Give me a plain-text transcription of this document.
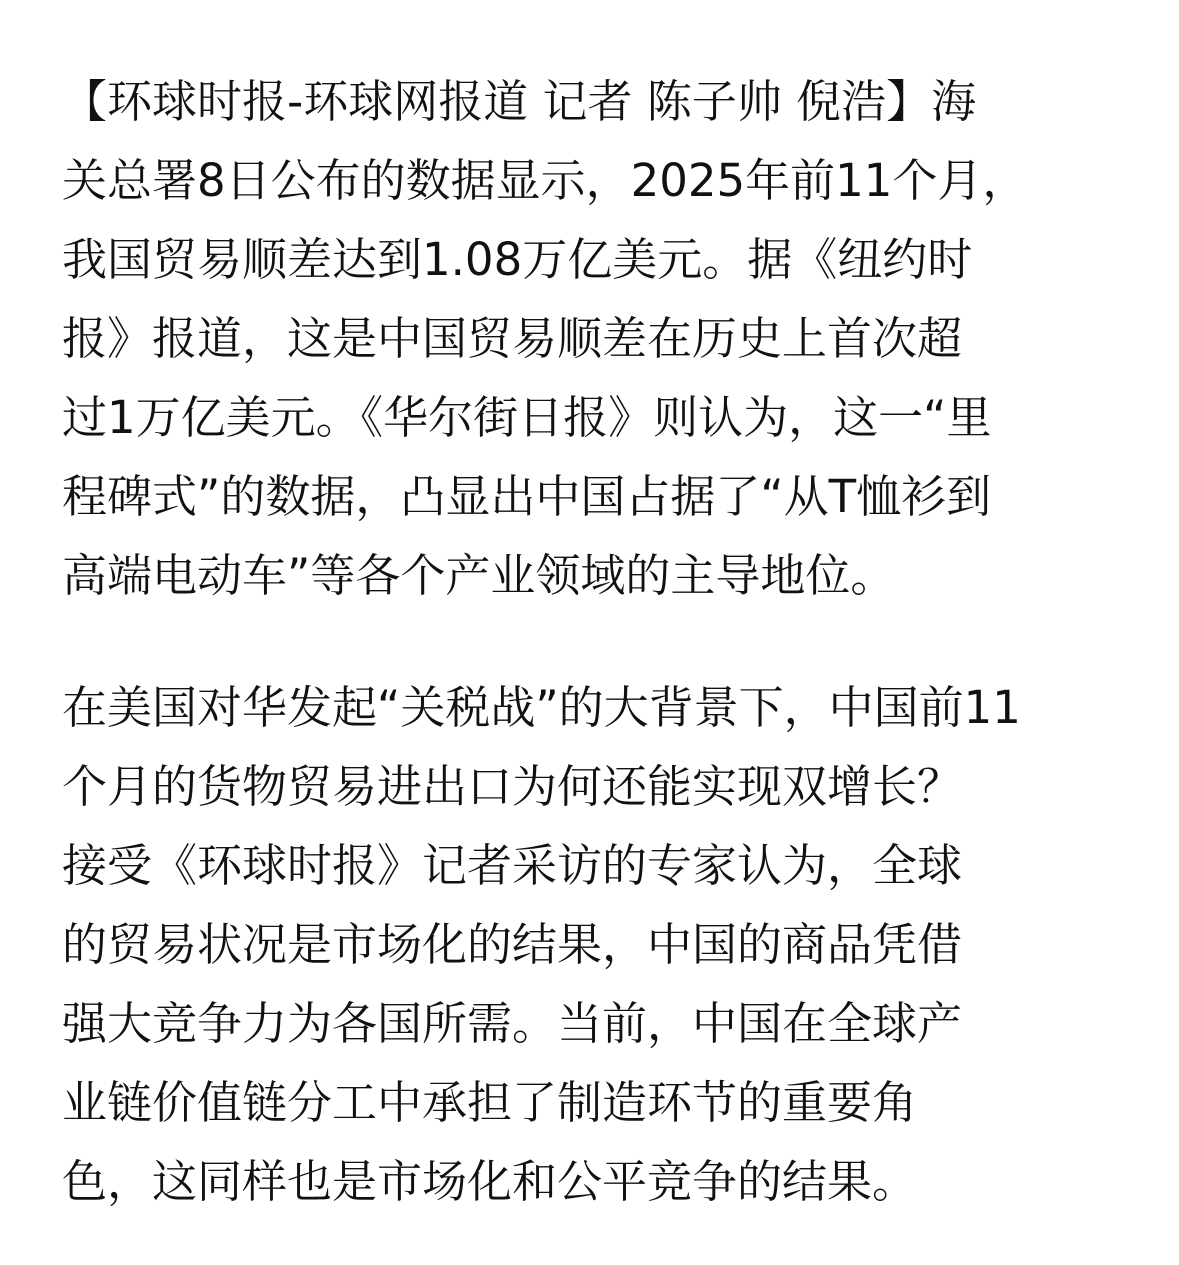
【环球时报-环球网报道 记者 陈子帅 倪浩】海
关总署8日公布的数据显示，2025年前11个月，
我国贸易顺差达到1.08万亿美元。据《纽约时
报》报道，这是中国贸易顺差在历史上首次超
过1万亿美元。《华尔街日报》则认为，这一“里
程碑式”的数据，凸显出中国占据了“从T恤衫到
高端电动车”等各个产业领域的主导地位。
在美国对华发起“关税战”的大背景下，中国前11
个月的货物贸易进出口为何还能实现双增长？
接受《环球时报》记者采访的专家认为，全球
的贸易状况是市场化的结果，中国的商品凭借
强大竞争力为各国所需。当前，中国在全球产
业链价值链分工中承担了制造环节的重要角
色，这同样也是市场化和公平竞争的结果。
